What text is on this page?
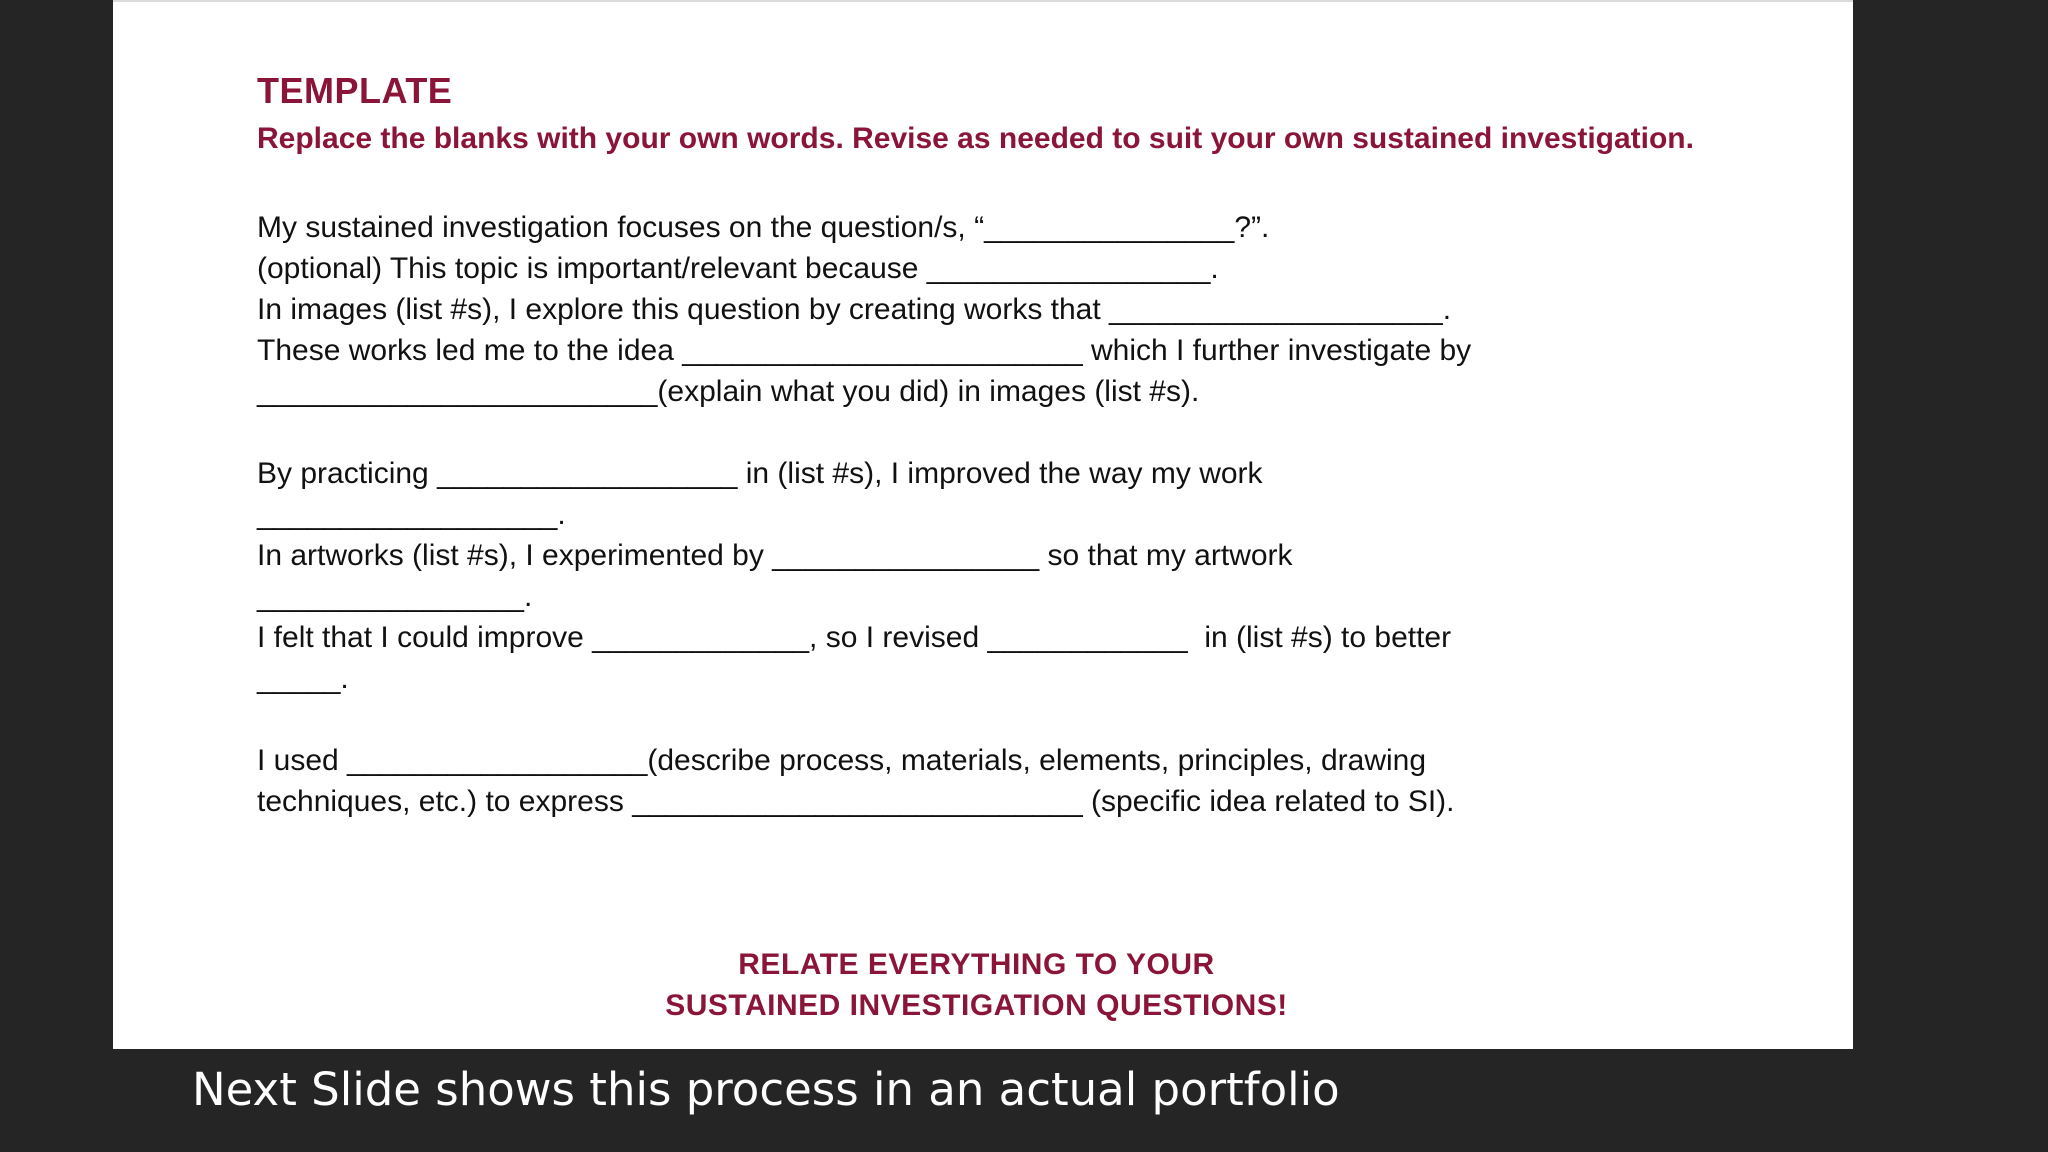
TEMPLATE

Replace the blanks with your own words. Revise as needed to suit your own sustained investigation.

My sustained investigation focuses on the question/s, “_______________?”.

(optional) This topic is important/relevant because _________________.

In images (list #s), I explore this question by creating works that ____________________.

These works led me to the idea ________________________ which I further investigate by

________________________(explain what you did) in images (list #s).

By practicing __________________ in (list #s), I improved the way my work

__________________.

In artworks (list #s), I experimented by ________________ so that my artwork

________________.

I felt that I could improve _____________, so I revised ____________  in (list #s) to better

_____.

I used __________________(describe process, materials, elements, principles, drawing

techniques, etc.) to express ___________________________ (specific idea related to SI).

RELATE EVERYTHING TO YOUR
SUSTAINED INVESTIGATION QUESTIONS!
Next Slide shows this process in an actual portfolio
